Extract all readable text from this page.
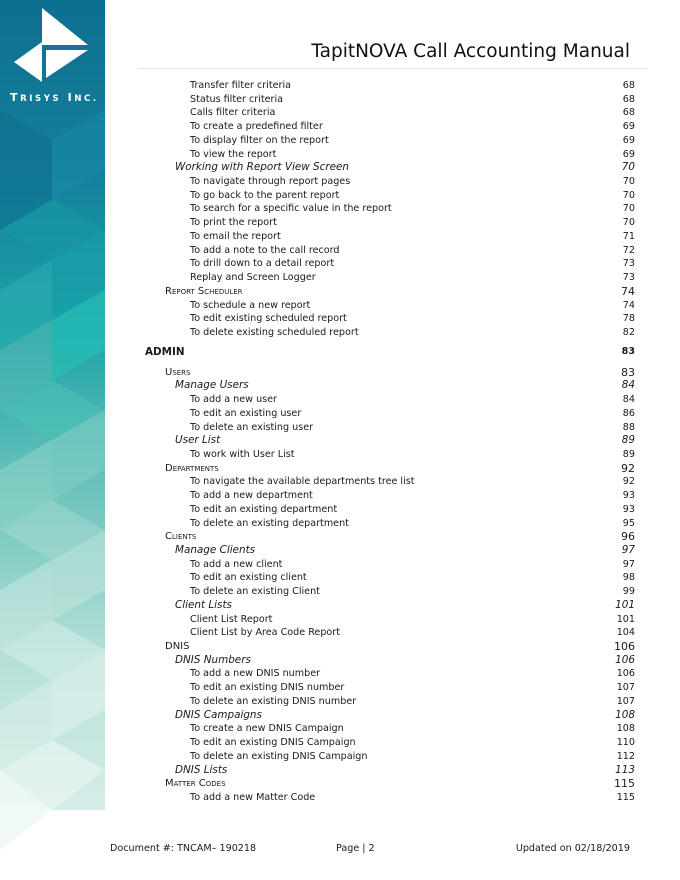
TRISYS INC.
TapitNOVA Call Accounting Manual
Transfer filter criteria	68
Status filter criteria	68
Calls filter criteria	68
To create a predefined filter	69
To display filter on the report	69
To view the report	69
Working with Report View Screen	70
To navigate through report pages	70
To go back to the parent report	70
To search for a specific value in the report	70
To print the report	70
To email the report	71
To add a note to the call record	72
To drill down to a detail report	73
Replay and Screen Logger	73
Report Scheduler	74
To schedule a new report	74
To edit existing scheduled report	78
To delete existing scheduled report	82
ADMIN	83
Users	83
Manage Users	84
To add a new user	84
To edit an existing user	86
To delete an existing user	88
User List	89
To work with User List	89
Departments	92
To navigate the available departments tree list	92
To add a new department	93
To edit an existing department	93
To delete an existing department	95
Clients	96
Manage Clients	97
To add a new client	97
To edit an existing client	98
To delete an existing Client	99
Client Lists	101
Client List Report	101
Client List by Area Code Report	104
DNIS	106
DNIS Numbers	106
To add a new DNIS number	106
To edit an existing DNIS number	107
To delete an existing DNIS number	107
DNIS Campaigns	108
To create a new DNIS Campaign	108
To edit an existing DNIS Campaign	110
To delete an existing DNIS Campaign	112
DNIS Lists	113
Matter Codes	115
To add a new Matter Code	115
Document #: TNCAM– 190218	Page | 2	Updated on 02/18/2019
